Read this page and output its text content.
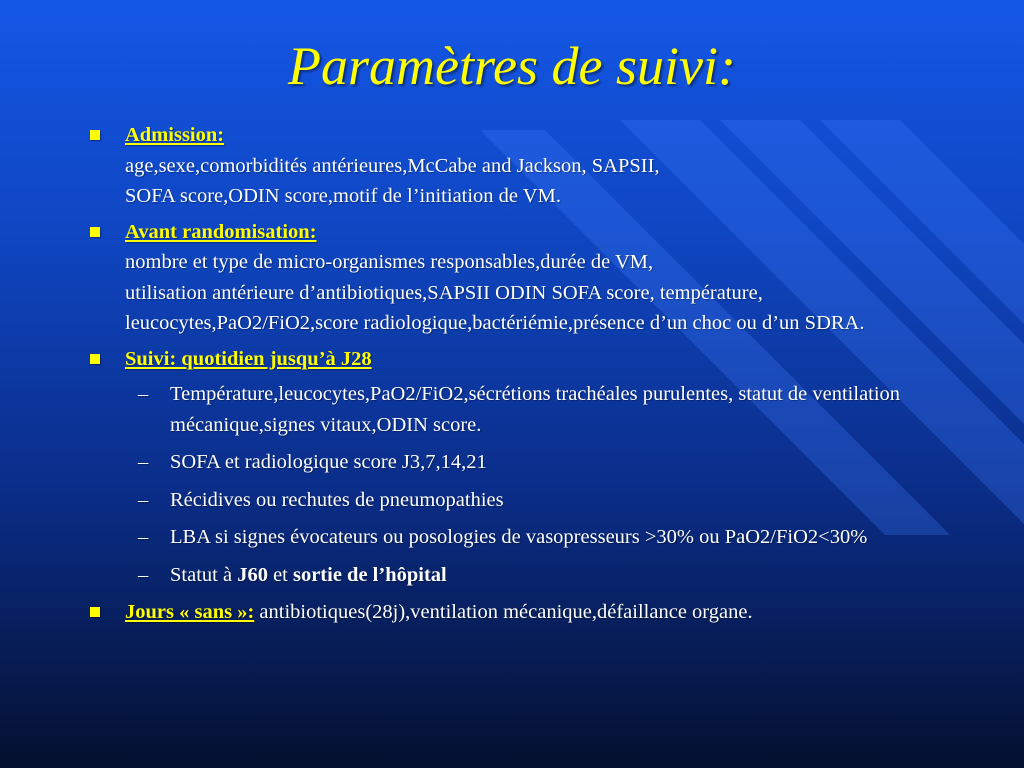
Paramètres de suivi:
Admission:
age,sexe,comorbidités antérieures,McCabe and Jackson, SAPSII,
SOFA score,ODIN score,motif de l’initiation de VM.
Avant randomisation:
nombre et type de micro-organismes responsables,durée de VM,
utilisation antérieure d’antibiotiques,SAPSII ODIN SOFA score, température, leucocytes,PaO2/FiO2,score radiologique,bactériémie,présence d’un choc ou d’un SDRA.
Suivi: quotidien jusqu’à J28
– Température,leucocytes,PaO2/FiO2,sécrétions trachéales purulentes, statut de ventilation mécanique,signes vitaux,ODIN score.
– SOFA et radiologique score J3,7,14,21
– Récidives ou rechutes de pneumopathies
– LBA si signes évocateurs ou posologies de vasopresseurs >30% ou PaO2/FiO2<30%
– Statut à J60 et sortie de l’hôpital
Jours « sans »: antibiotiques(28j),ventilation mécanique,défaillance organe.
